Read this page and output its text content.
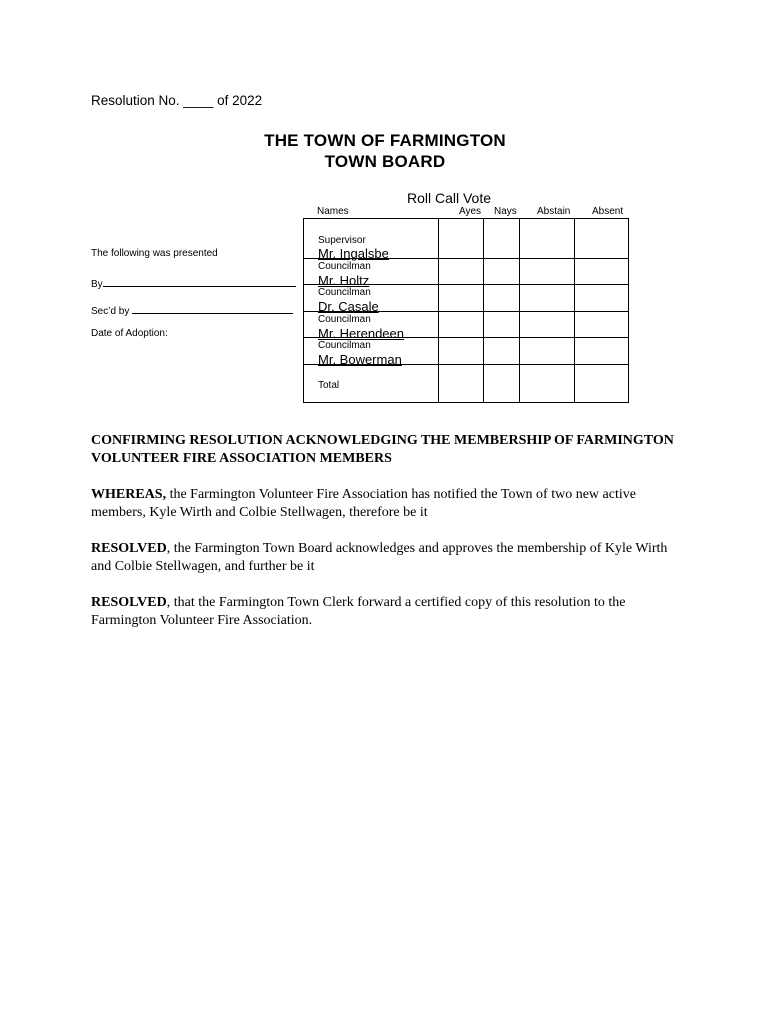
Resolution No. ____ of 2022
THE TOWN OF FARMINGTON
TOWN BOARD
Roll Call Vote
Names	Ayes Nays Abstain Absent
The following was presented
By
Sec’d by
Date of Adoption:
Supervisor
Mr. Ingalsbe				

Councilman
Mr. Holtz				

Councilman
Dr. Casale				

Councilman
Mr. Herendeen				

Councilman
Mr. Bowerman				

Total				

CONFIRMING RESOLUTION ACKNOWLEDGING THE MEMBERSHIP OF FARMINGTON VOLUNTEER FIRE ASSOCIATION MEMBERS
WHEREAS, the Farmington Volunteer Fire Association has notified the Town of two new active members, Kyle Wirth and Colbie Stellwagen, therefore be it
RESOLVED, the Farmington Town Board acknowledges and approves the membership of Kyle Wirth and Colbie Stellwagen, and further be it
RESOLVED, that the Farmington Town Clerk forward a certified copy of this resolution to the Farmington Volunteer Fire Association.
